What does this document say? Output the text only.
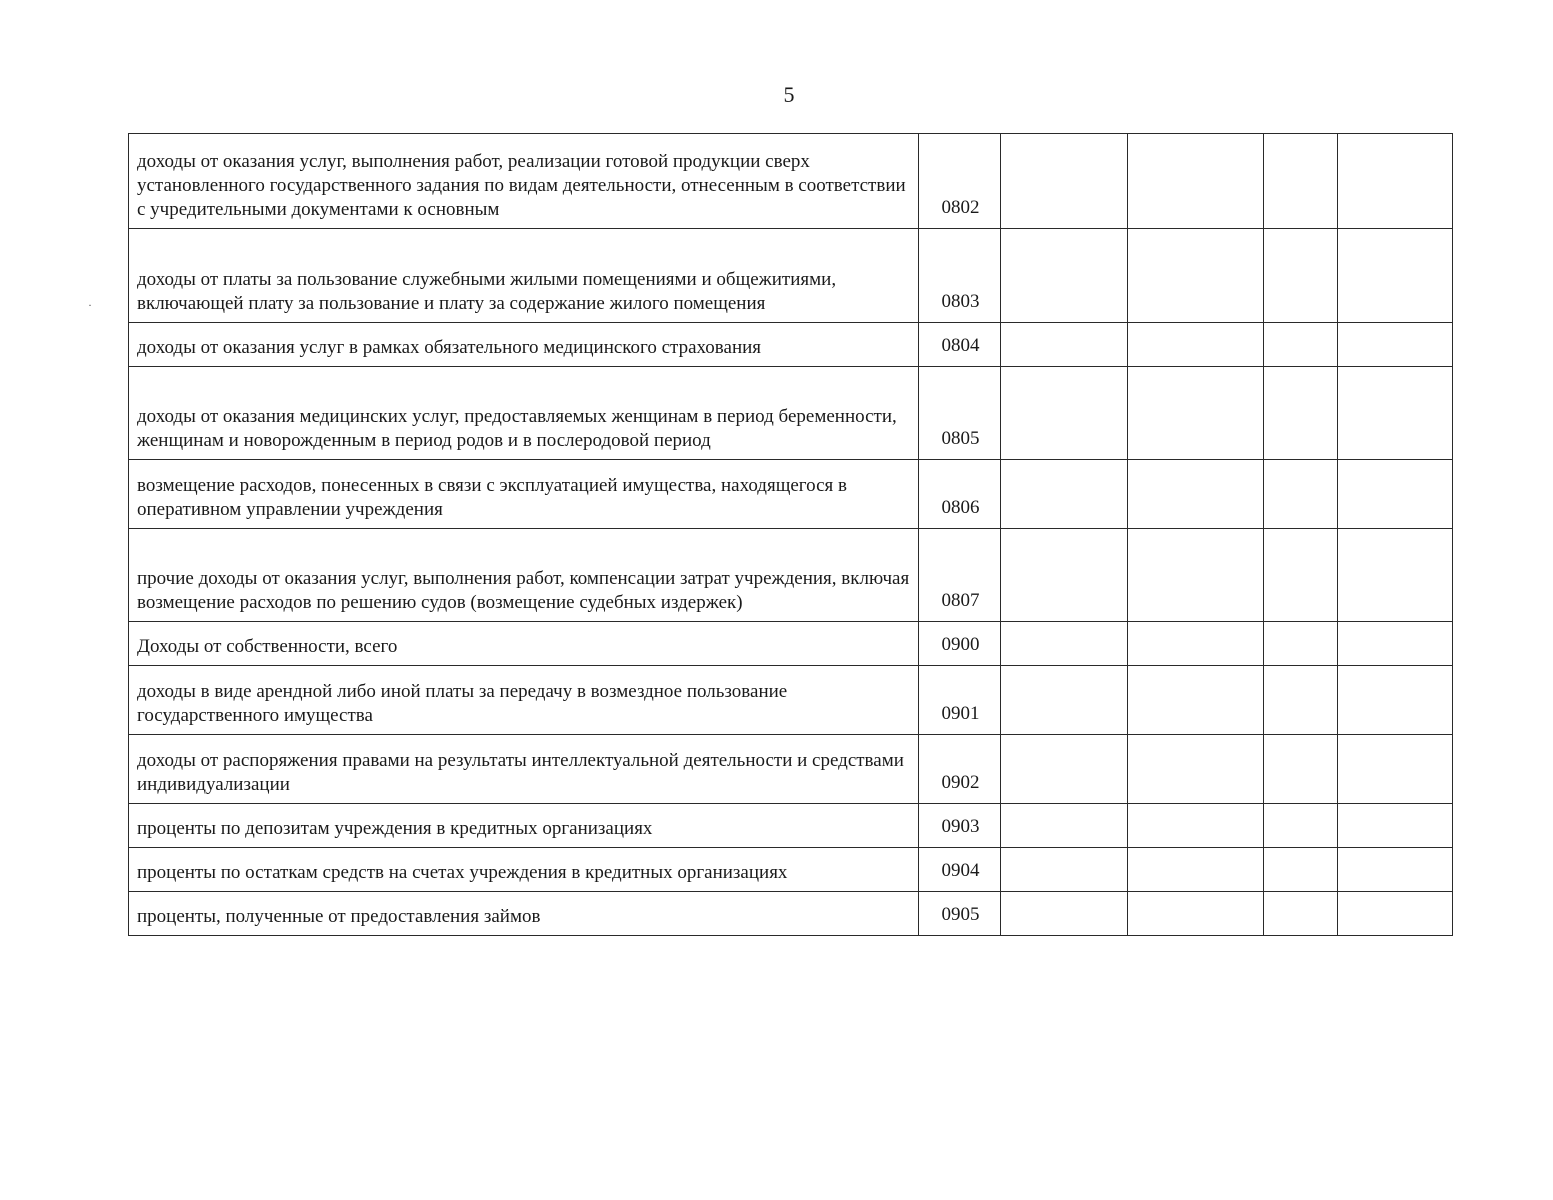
5
·
доходы от оказания услуг, выполнения работ, реализации готовой продукции сверх установленного государственного задания по видам деятельности, отнесенным в соответствии с учредительными документами к основным	0802				
доходы от платы за пользование служебными жилыми помещениями и общежитиями, включающей плату за пользование и плату за содержание жилого помещения	0803				
доходы от оказания услуг в рамках обязательного медицинского страхования	0804				
доходы от оказания медицинских услуг, предоставляемых женщинам в период беременности, женщинам и новорожденным в период родов и в послеродовой период	0805				
возмещение расходов, понесенных в связи с эксплуатацией имущества, находящегося в оперативном управлении учреждения	0806				
прочие доходы от оказания услуг, выполнения работ, компенсации затрат учреждения, включая возмещение расходов по решению судов (возмещение судебных издержек)	0807				
Доходы от собственности, всего	0900				
доходы в виде арендной либо иной платы за передачу в возмездное пользование государственного имущества	0901				
доходы от распоряжения правами на результаты интеллектуальной деятельности и средствами индивидуализации	0902				
проценты по депозитам учреждения в кредитных организациях	0903				
проценты по остаткам средств на счетах учреждения в кредитных организациях	0904				
проценты, полученные от предоставления займов	0905				
